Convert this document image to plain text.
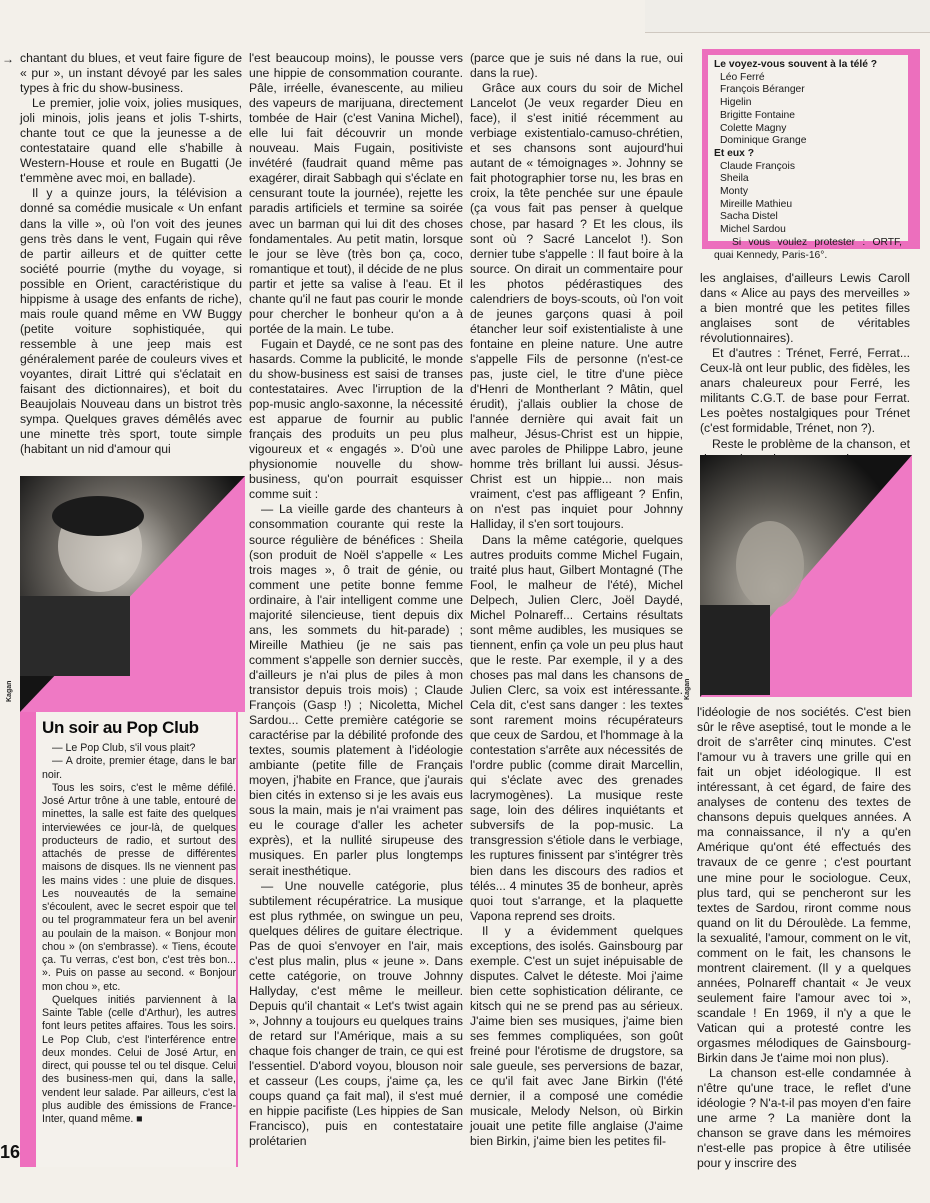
→ chantant du blues, et veut faire figure de « pur », un instant dévoyé par les sales types à fric du show-business.

Le premier, jolie voix, jolies musiques, joli minois, jolis jeans et jolis T-shirts, chante tout ce que la jeunesse a de contestataire quand elle s'habille à Western-House et roule en Bugatti (Je t'emmène avec moi, en ballade).

Il y a quinze jours, la télévision a donné sa comédie musicale « Un enfant dans la ville », où l'on voit des jeunes gens très dans le vent, Fugain qui rêve de partir ailleurs et de quitter cette société pourrie (mythe du voyage, si possible en Orient, caractéristique du hippisme à usage des enfants de riche), mais roule quand même en VW Buggy (petite voiture sophistiquée, qui ressemble à une jeep mais est généralement parée de couleurs vives et voyantes, dirait Littré qui s'éclatait en faisant des dictionnaires), et boit du Beaujolais Nouveau dans un bistrot très sympa. Quelques graves démêlés avec une minette très sport, toute simple (habitant un nid d'amour qui

Kagan
Un soir au Pop Club

— Le Pop Club, s'il vous plait?

— A droite, premier étage, dans le bar noir.

Tous les soirs, c'est le même défilé. José Artur trône à une table, entouré de minettes, la salle est faite des quelques interviewées ce jour-là, de quelques producteurs de radio, et surtout des attachés de presse de différentes maisons de disques. Ils ne viennent pas les mains vides : une pluie de disques. Les nouveautés de la semaine s'écoulent, avec le secret espoir que tel ou tel programmateur fera un bel avenir au poulain de la maison. « Bonjour mon chou » (on s'embrasse). « Tiens, écoute ça. Tu verras, c'est bon, c'est très bon... ». Puis on passe au second. « Bonjour mon chou », etc.

Quelques initiés parviennent à la Sainte Table (celle d'Arthur), les autres font leurs petites affaires. Tous les soirs. Le Pop Club, c'est l'interférence entre deux mondes. Celui de José Artur, en direct, qui pousse tel ou tel disque. Celui des business-men qui, dans la salle, vendent leur salade. Par ailleurs, c'est la plus audible des émissions de France-Inter, quand même. ■

16

l'est beaucoup moins), le pousse vers une hippie de consommation courante. Pâle, irréelle, évanescente, au milieu des vapeurs de marijuana, directement tombée de Hair (c'est Vanina Michel), elle lui fait découvrir un monde nouveau. Mais Fugain, positiviste invétéré (faudrait quand même pas exagérer, dirait Sabbagh qui s'éclate en censurant toute la journée), rejette les paradis artificiels et termine sa soirée avec un barman qui lui dit des choses fondamentales. Au petit matin, lorsque le jour se lève (très bon ça, coco, romantique et tout), il décide de ne plus partir et jette sa valise à l'eau. Et il chante qu'il ne faut pas courir le monde pour chercher le bonheur qu'on a à portée de la main. Le tube.

Fugain et Daydé, ce ne sont pas des hasards. Comme la publicité, le monde du show-business est saisi de transes contestataires. Avec l'irruption de la pop-music anglo-saxonne, la nécessité est apparue de fournir au public français des produits un peu plus vigoureux et « engagés ». D'où une physionomie nouvelle du show-business, qu'on pourrait esquisser comme suit :

— La vieille garde des chanteurs à consommation courante qui reste la source régulière de bénéfices : Sheila (son produit de Noël s'appelle « Les trois mages », ô trait de génie, ou comment une petite bonne femme ordinaire, à l'air intelligent comme une majorité silencieuse, tient depuis dix ans, les sommets du hit-parade) ; Mireille Mathieu (je ne sais pas comment s'appelle son dernier succès, d'ailleurs je n'ai plus de piles à mon transistor depuis trois mois) ; Claude François (Gasp !) ; Nicoletta, Michel Sardou... Cette première catégorie se caractérise par la débilité profonde des textes, soumis platement à l'idéologie ambiante (petite fille de Français moyen, j'habite en France, que j'aurais bien cités in extenso si je les avais eus sous la main, mais je n'ai vraiment pas eu le courage d'aller les acheter exprès), et la nullité sirupeuse des musiques. En parler plus longtemps serait inesthétique.

— Une nouvelle catégorie, plus subtilement récupératrice. La musique est plus rythmée, on swingue un peu, quelques délires de guitare électrique. Pas de quoi s'envoyer en l'air, mais c'est plus malin, plus « jeune ». Dans cette catégorie, on trouve Johnny Hallyday, c'est même le meilleur. Depuis qu'il chantait « Let's twist again », Johnny a toujours eu quelques trains de retard sur l'Amérique, mais a su chaque fois changer de train, ce qui est l'essentiel. D'abord voyou, blouson noir et casseur (Les coups, j'aime ça, les coups quand ça fait mal), il s'est mué en hippie pacifiste (Les hippies de San Francisco), puis en contestataire prolétarien

(parce que je suis né dans la rue, oui dans la rue).

Grâce aux cours du soir de Michel Lancelot (Je veux regarder Dieu en face), il s'est initié récemment au verbiage existentialo-camuso-chrétien, et ses chansons sont aujourd'hui autant de « témoignages ». Johnny se fait photographier torse nu, les bras en croix, la tête penchée sur une épaule (ça vous fait pas penser à quelque chose, par hasard ? Et les clous, ils sont où ? Sacré Lancelot !). Son dernier tube s'appelle : Il faut boire à la source. On dirait un commentaire pour les photos pédérastiques des calendriers de boys-scouts, où l'on voit de jeunes garçons quasi à poil étancher leur soif existentialiste à une fontaine en pleine nature. Une autre s'appelle Fils de personne (n'est-ce pas, juste ciel, le titre d'une pièce d'Henri de Montherlant ? Mâtin, quel érudit), j'allais oublier la chose de l'année dernière qui avait fait un malheur, Jésus-Christ est un hippie, avec paroles de Philippe Labro, jeune homme très brillant lui aussi. Jésus-Christ est un hippie... non mais vraiment, c'est pas affligeant ? Enfin, on n'est pas inquiet pour Johnny Halliday, il s'en sort toujours.

Dans la même catégorie, quelques autres produits comme Michel Fugain, traité plus haut, Gilbert Montagné (The Fool, le malheur de l'été), Michel Delpech, Julien Clerc, Joël Daydé, Michel Polnareff... Certains résultats sont même audibles, les musiques se tiennent, enfin ça vole un peu plus haut que le reste. Par exemple, il y a des choses pas mal dans les chansons de Julien Clerc, sa voix est intéressante. Cela dit, c'est sans danger : les textes sont rarement moins récupérateurs que ceux de Sardou, et l'hommage à la contestation s'arrête aux nécessités de l'ordre public (comme dirait Marcellin, qui s'éclate avec des grenades lacrymogènes). La musique reste sage, loin des délires inquiétants et subversifs de la pop-music. La transgression s'étiole dans le verbiage, les ruptures finissent par s'intégrer très bien dans les discours des radios et télés... 4 minutes 35 de bonheur, après quoi tout s'arrange, et la plaquette Vapona reprend ses droits.

Il y a évidemment quelques exceptions, des isolés. Gainsbourg par exemple. C'est un sujet inépuisable de disputes. Calvet le déteste. Moi j'aime bien cette sophistication délirante, ce kitsch qui ne se prend pas au sérieux. J'aime bien ses musiques, j'aime bien ses femmes compliquées, son goût freiné pour l'érotisme de drugstore, sa sale gueule, ses perversions de bazar, ce qu'il fait avec Jane Birkin (l'été dernier, il a composé une comédie musicale, Melody Nelson, où Birkin jouait une petite fille anglaise (J'aime bien Birkin, j'aime bien les petites fil-

Le voyez-vous souvent à la télé ?
Léo Ferré
François Béranger
Higelin
Brigitte Fontaine
Colette Magny
Dominique Grange
Et eux ?
Claude François
Sheila
Monty
Mireille Mathieu
Sacha Distel
Michel Sardou
Si vous voulez protester : ORTF, quai Kennedy, Paris-16°.

les anglaises, d'ailleurs Lewis Caroll dans « Alice au pays des merveilles » a bien montré que les petites filles anglaises sont de véritables révolutionnaires).

Et d'autres : Trénet, Ferré, Ferrat... Ceux-là ont leur public, des fidèles, les anars chaleureux pour Ferré, les militants C.G.T. de base pour Ferrat. Les poètes nostalgiques pour Trénet (c'est formidable, Trénet, non ?).

Reste le problème de la chanson, et

Kagan

l'idéologie de nos sociétés. C'est bien sûr le rêve aseptisé, tout le monde a le droit de s'arrêter cinq minutes. C'est l'amour vu à travers une grille qui en fait un objet idéologique. Il est intéressant, à cet égard, de faire des analyses de contenu des textes de chansons depuis quelques années. A ma connaissance, il n'y a qu'en Amérique qu'ont été effectués des travaux de ce genre ; c'est pourtant une mine pour le sociologue. Ceux, plus tard, qui se pencheront sur les textes de Sardou, riront comme nous quand on lit du Déroulède. La femme, la sexualité, l'amour, comment on le vit, comment on le fait, les chansons le montrent clairement. (Il y a quelques années, Polnareff chantait « Je veux seulement faire l'amour avec toi », scandale ! En 1969, il n'y a que le Vatican qui a protesté contre les orgasmes mélodiques de Gainsbourg-Birkin dans Je t'aime moi non plus).

La chanson est-elle condamnée à n'être qu'une trace, le reflet d'une idéologie ? N'a-t-il pas moyen d'en faire une arme ? La manière dont la chanson se grave dans les mémoires n'est-elle pas propice à être utilisée pour y inscrire des
